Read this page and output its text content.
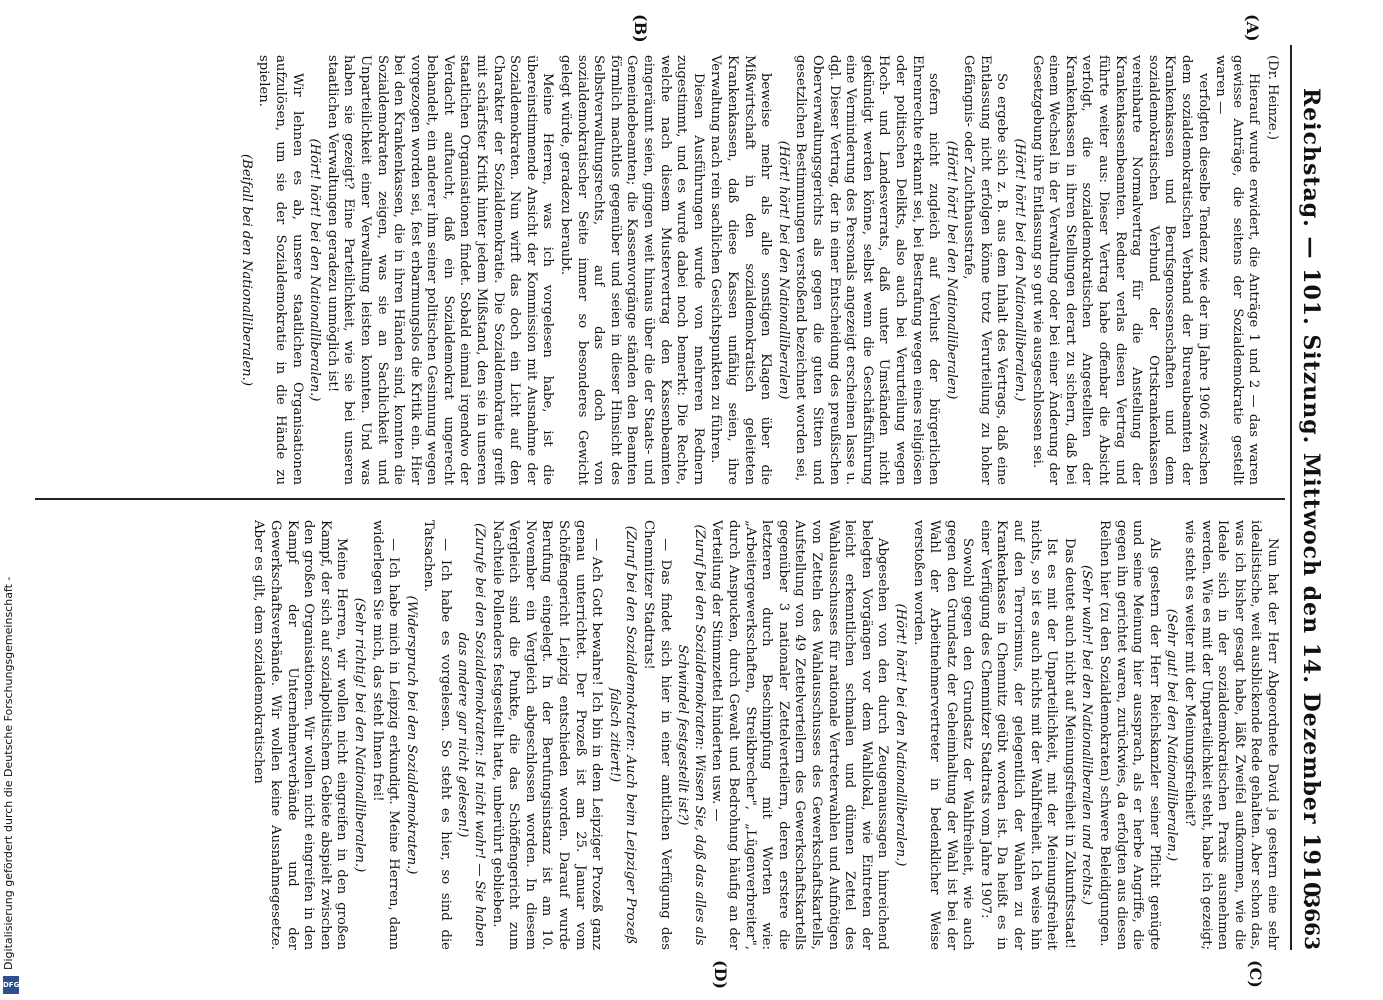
Reichstag. — 101. Sitzung. Mittwoch den 14. Dezember 1910.
3663
(A)
(B)
(C)
(D)

(Dr. Heinze.)

Hierauf wurde erwidert, die Anträge 1 und 2 — das waren gewisse Anträge, die seitens der Sozialdemokratie gestellt waren —

verfolgten dieselbe Tendenz wie der im Jahre 1906 zwischen dem sozialdemokratischen Verband der Bureaubeamten der Krankenkassen und Berufsgenossenschaften und dem sozialdemokratischen Verbund der Ortskrankenkassen vereinbarte Normalvertrag für die Anstellung der Krankenkassenbeamten. Redner verlas diesen Vertrag und führte weiter aus: Dieser Vertrag habe offenbar die Absicht verfolgt, die sozialdemokratischen Angestellten der Krankenkassen in ihren Stellungen derart zu sichern, daß bei einem Wechsel in der Verwaltung oder bei einer Änderung der Gesetzgebung ihre Entlassung so gut wie ausgeschlossen sei.

(Hört! hört! bei den Nationalliberalen.)

So ergebe sich z. B. aus dem Inhalt des Vertrags, daß eine Entlassung nicht erfolgen könne trotz Verurteilung zu hoher Gefängnis- oder Zuchthausstrafe,

(Hört! hört! bei den Nationalliberalen)

sofern nicht zugleich auf Verlust der bürgerlichen Ehrenrechte erkannt sei, bei Bestrafung wegen eines religiösen oder politischen Delikts, also auch bei Verurteilung wegen Hoch- und Landesverrats, daß unter Umständen nicht gekündigt werden könne, selbst wenn die Geschäftsführung eine Verminderung des Personals angezeigt erscheinen lasse u. dgl. Dieser Vertrag, der in einer Entscheidung des preußischen Oberverwaltungsgerichts als gegen die guten Sitten und gesetzlichen Bestimmungen verstoßend bezeichnet worden sei,

(Hört! hört! bei den Nationalliberalen)

beweise mehr als alle sonstigen Klagen über die Mißwirtschaft in den sozialdemokratisch geleiteten Krankenkassen, daß diese Kassen unfähig seien, ihre Verwaltung nach rein sachlichen Gesichtspunkten zu führen.

Diesen Ausführungen wurde von mehreren Rednern zugestimmt, und es wurde dabei noch bemerkt: Die Rechte, welche nach diesem Mustervertrag den Kassenbeamten eingeräumt seien, gingen weit hinaus über die der Staats- und Gemeindebeamten; die Kassenvorgänge ständen den Beamten förmlich machtlos gegenüber und seien in dieser Hinsicht des Selbstverwaltungsrechts, auf das doch von sozialdemokratischer Seite immer so besonderes Gewicht gelegt würde, geradezu beraubt.

Meine Herren, was ich vorgelesen habe, ist die übereinstimmende Ansicht der Kommission mit Ausnahme der Sozialdemokraten. Nun wirft das doch ein Licht auf den Charakter der Sozialdemokratie. Die Sozialdemokratie greift mit schärfster Kritik hinter jedem Mißstand, den sie in unseren staatlichen Organisationen findet. Sobald einmal irgendwo der Verdacht auftaucht, daß ein Sozialdemokrat ungerecht behandelt, ein anderer ihm seiner politischen Gesinnung wegen vorgezogen worden sei, fest erbarmungslos die Kritik ein. Hier bei den Krankenkassen, die in ihren Händen sind, konnten die Sozialdemokraten zeigen, was sie an Sachlichkeit und Unparteilichkeit einer Verwaltung leisten konnten. Und was haben sie gezeigt? Eine Parteilichkeit, wie sie bei unseren staatlichen Verwaltungen geradezu unmöglich ist!

(Hört! hört! bei den Nationalliberalen.)

Wir lehnen es ab, unsere staatlichen Organisationen aufzulösen, um sie der Sozialdemokratie in die Hände zu spielen.

(Beifall bei den Nationalliberalen.)

Nun hat der Herr Abgeordnete David ja gestern eine sehr idealistische, weit ausblickende Rede gehalten. Aber schon das, was ich bisher gesagt habe, läßt Zweifel aufkommen, wie die Ideale sich in der sozialdemokratischen Praxis ausnehmen werden. Wie es mit der Unparteilichkeit steht, habe ich gezeigt; wie steht es weiter mit der Meinungsfreiheit?

(Sehr gut! bei den Nationalliberalen.)

Als gestern der Herr Reichskanzler seiner Pflicht genügte und seine Meinung hier aussprach, als er herbe Angriffe, die gegen ihn gerichtet waren, zurückwies, da erfolgten aus diesen Reihen hier (zu den Sozialdemokraten) schwere Beleidigungen.

(Sehr wahr! bei den Nationalliberalen und rechts.)

Das deutet auch nicht auf Meinungsfreiheit in Zukunftsstaat!

Ist es mit der Unparteilichkeit, mit der Meinungsfreiheit nichts, so ist es auch nichts mit der Wahlfreiheit. Ich weise hin auf den Terrorismus, der gelegentlich der Wahlen zu der Krankenkasse in Chemnitz geübt worden ist. Da heißt es in einer Verfügung des Chemnitzer Stadtrats vom Jahre 1907:

Sowohl gegen den Grundsatz der Wahlfreiheit, wie auch gegen den Grundsatz der Geheimhaltung der Wahl ist bei der Wahl der Arbeitnehmervertreter in bedenklicher Weise verstoßen worden.

(Hört! hört! bei den Nationalliberalen.)

Abgesehen von den durch Zeugenaussagen hinreichend belegten Vorgängen vor dem Wahllokal, wie Eintreten der leicht erkenntlichen schmalen und dünnen Zettel des Wahlausschusses für nationale Vertreterwahlen und Aufnötigen von Zetteln des Wahlausschusses des Gewerkschaftskartells, Aufstellung von 49 Zettelverteilern des Gewerkschaftskartells gegenüber 3 nationaler Zettelverteilern, deren erstere die letzteren durch Beschimpfung mit Worten wie: „Arbeitergewerkschaften, Streikbrecher", „Lügenverbreiter", durch Anspucken, durch Gewalt und Bedrohung häufig an der Verteilung der Stimmzettel hinderten usw. —

(Zuruf bei den Sozialdemokraten: Wissen Sie, daß das alles als Schwindel festgestellt ist?)

— Das findet sich hier in einer amtlichen Verfügung des Chemnitzer Stadtrats!

(Zuruf bei den Sozialdemokraten: Auch beim Leipziger Prozeß falsch zitiert!)

— Ach Gott bewahre! Ich bin in dem Leipziger Prozeß ganz genau unterrichtet. Der Prozeß ist am 25. Januar vom Schöffengericht Leipzig entschieden worden. Darauf wurde Berufung eingelegt. In der Berufungsinstanz ist am 10. November ein Vergleich abgeschlossen worden. In diesem Vergleich sind die Punkte, die das Schöffengericht zum Nachteile Pollenders festgestellt hatte, unberührt geblieben.

(Zurufe bei den Sozialdemokraten: Ist nicht wahr! — Sie haben das andere gar nicht gelesen!)

— Ich habe es vorgelesen. So steht es hier, so sind die Tatsachen.

(Widerspruch bei den Sozialdemokraten.)

— Ich habe mich in Leipzig erkundigt. Meine Herren, dann widerlegen Sie mich, das steht Ihnen frei!

(Sehr richtig! bei den Nationalliberalen.)

Meine Herren, wir wollen nicht eingreifen in den großen Kampf, der sich auf sozialpolitischem Gebiete abspielt zwischen den großen Organisationen. Wir wollen nicht eingreifen in den Kampf der Unternehmerverbände und der Gewerkschaftsverbände. Wir wollen keine Ausnahmegesetze. Aber es gilt, dem sozialdemokratischen

Digitalisierung gefördert durch die Deutsche Forschungsgemeinschaft -
DFG
